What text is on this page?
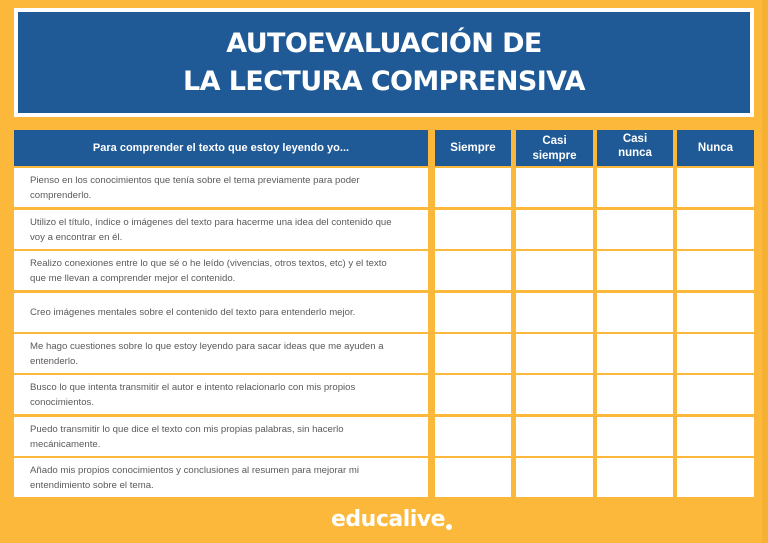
AUTOEVALUACIÓN DE
LA LECTURA COMPRENSIVA
Para comprender el texto que estoy leyendo yo...	Siempre
Casi
siempre
Casi
nunca	Nunca
Pienso en los conocimientos que tenía sobre el tema previamente para poder comprenderlo.
Utilizo el título, índice o imágenes del texto para hacerme una idea del contenido que voy a encontrar en él.
Realizo conexiones entre lo que sé o he leído (vivencias, otros textos, etc) y el texto que me llevan a comprender mejor el contenido.
Creo imágenes mentales sobre el contenido del texto para entenderlo mejor.
Me hago cuestiones sobre lo que estoy leyendo para sacar ideas que me ayuden a entenderlo.
Busco lo que intenta transmitir el autor e intento relacionarlo con mis propios conocimientos.
Puedo transmitir lo que dice el texto con mis propias palabras, sin hacerlo mecánicamente.
Añado mis propios conocimientos y conclusiones al resumen para mejorar mi entendimiento sobre el tema.
educalive
